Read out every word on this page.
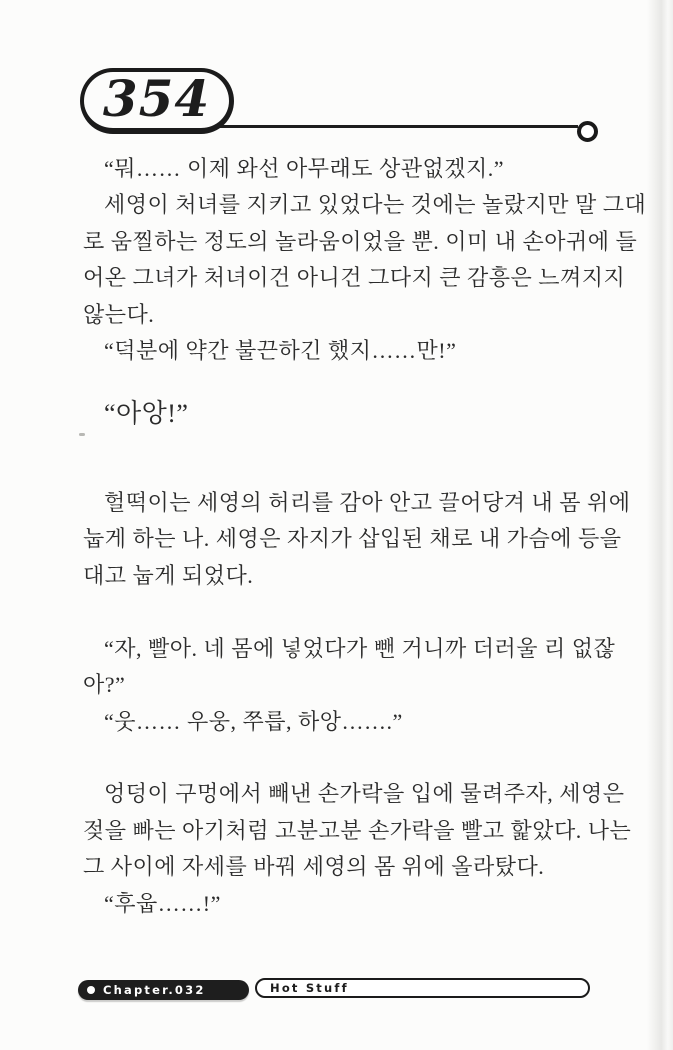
354
“뭐…… 이제 와선 아무래도 상관없겠지.”
세영이 처녀를 지키고 있었다는 것에는 놀랐지만 말 그대
로 움찔하는 정도의 놀라움이었을 뿐. 이미 내 손아귀에 들
어온 그녀가 처녀이건 아니건 그다지 큰 감흥은 느껴지지
않는다.
“덕분에 약간 불끈하긴 했지……만!”
“아앙!”
헐떡이는 세영의 허리를 감아 안고 끌어당겨 내 몸 위에
눕게 하는 나. 세영은 자지가 삽입된 채로 내 가슴에 등을
대고 눕게 되었다.
“자, 빨아. 네 몸에 넣었다가 뺀 거니까 더러울 리 없잖
아?”
“웃…… 우웅, 쭈릅, 하앙…….”
엉덩이 구멍에서 빼낸 손가락을 입에 물려주자, 세영은
젖을 빠는 아기처럼 고분고분 손가락을 빨고 핥았다. 나는
그 사이에 자세를 바꿔 세영의 몸 위에 올라탔다.
“후웁……!”
Chapter.032	Hot Stuff
